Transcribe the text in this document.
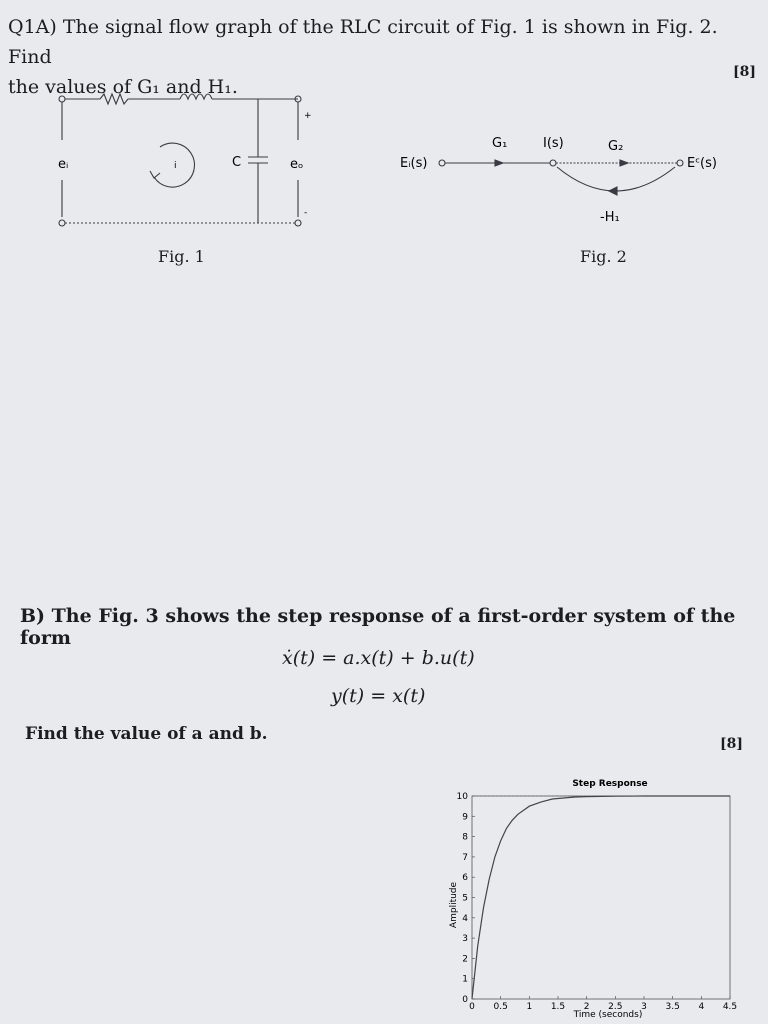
Q1A) The signal flow graph of the RLC circuit of Fig. 1 is shown in Fig. 2. Find
the values of G₁ and H₁.
[8]
eᵢ	eₒ
C
i
+
-
Fig. 1
Eᵢ(s)
G₁	I(s)	G₂
Eᶜ(s)
-H₁
Fig. 2
B) The Fig. 3 shows the step response of a first-order system of the form
ẋ(t) = a.x(t) + b.u(t)
y(t) = x(t)
Find the value of a and b.	[8]
Step Response
0 0.5 1 1.5 2 2.5 3 3.5 4 4.5
0
1
2
3
4
5
6
7
8
9
10
Time (seconds)
Amplitude
